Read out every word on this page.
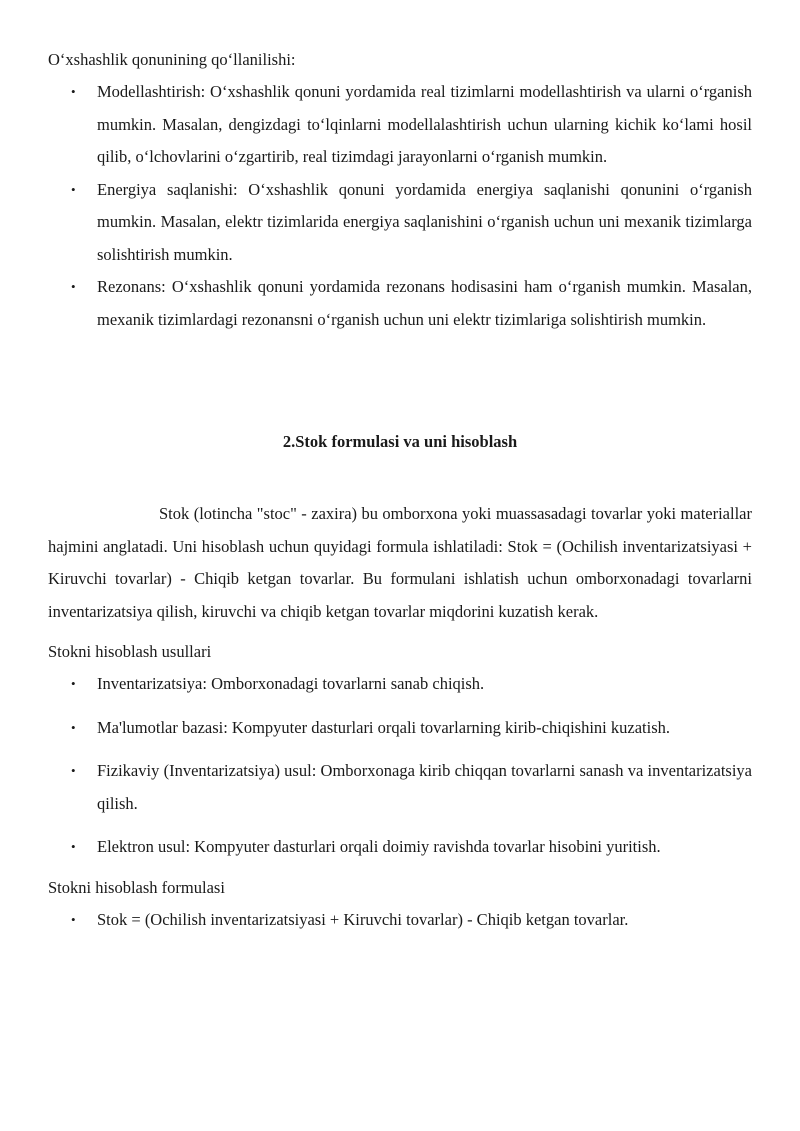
O‘xshashlik qonunining qo‘llanilishi:

• Modellashtirish: O‘xshashlik qonuni yordamida real tizimlarni modellashtirish va ularni o‘rganish mumkin. Masalan, dengizdagi to‘lqinlarni modellalashtirish uchun ularning kichik ko‘lami hosil qilib, o‘lchovlarini o‘zgartirib, real tizimdagi jarayonlarni o‘rganish mumkin.
• Energiya saqlanishi: O‘xshashlik qonuni yordamida energiya saqlanishi qonunini o‘rganish mumkin. Masalan, elektr tizimlarida energiya saqlanishini o‘rganish uchun uni mexanik tizimlarga solishtirish mumkin.
• Rezonans: O‘xshashlik qonuni yordamida rezonans hodisasini ham o‘rganish mumkin. Masalan, mexanik tizimlardagi rezonansni o‘rganish uchun uni elektr tizimlariga solishtirish mumkin.

2.Stok formulasi va uni hisoblash

Stok (lotincha "stoc" - zaxira) bu omborxona yoki muassasadagi tovarlar yoki materiallar hajmini anglatadi. Uni hisoblash uchun quyidagi formula ishlatiladi: Stok = (Ochilish inventarizatsiyasi + Kiruvchi tovarlar) - Chiqib ketgan tovarlar. Bu formulani ishlatish uchun omborxonadagi tovarlarni inventarizatsiya qilish, kiruvchi va chiqib ketgan tovarlar miqdorini kuzatish kerak.

Stokni hisoblash usullari

• Inventarizatsiya: Omborxonadagi tovarlarni sanab chiqish.
• Ma'lumotlar bazasi: Kompyuter dasturlari orqali tovarlarning kirib-chiqishini kuzatish.
• Fizikaviy (Inventarizatsiya) usul: Omborxonaga kirib chiqqan tovarlarni sanash va inventarizatsiya qilish.
• Elektron usul: Kompyuter dasturlari orqali doimiy ravishda tovarlar hisobini yuritish.

Stokni hisoblash formulasi

• Stok = (Ochilish inventarizatsiyasi + Kiruvchi tovarlar) - Chiqib ketgan tovarlar.
